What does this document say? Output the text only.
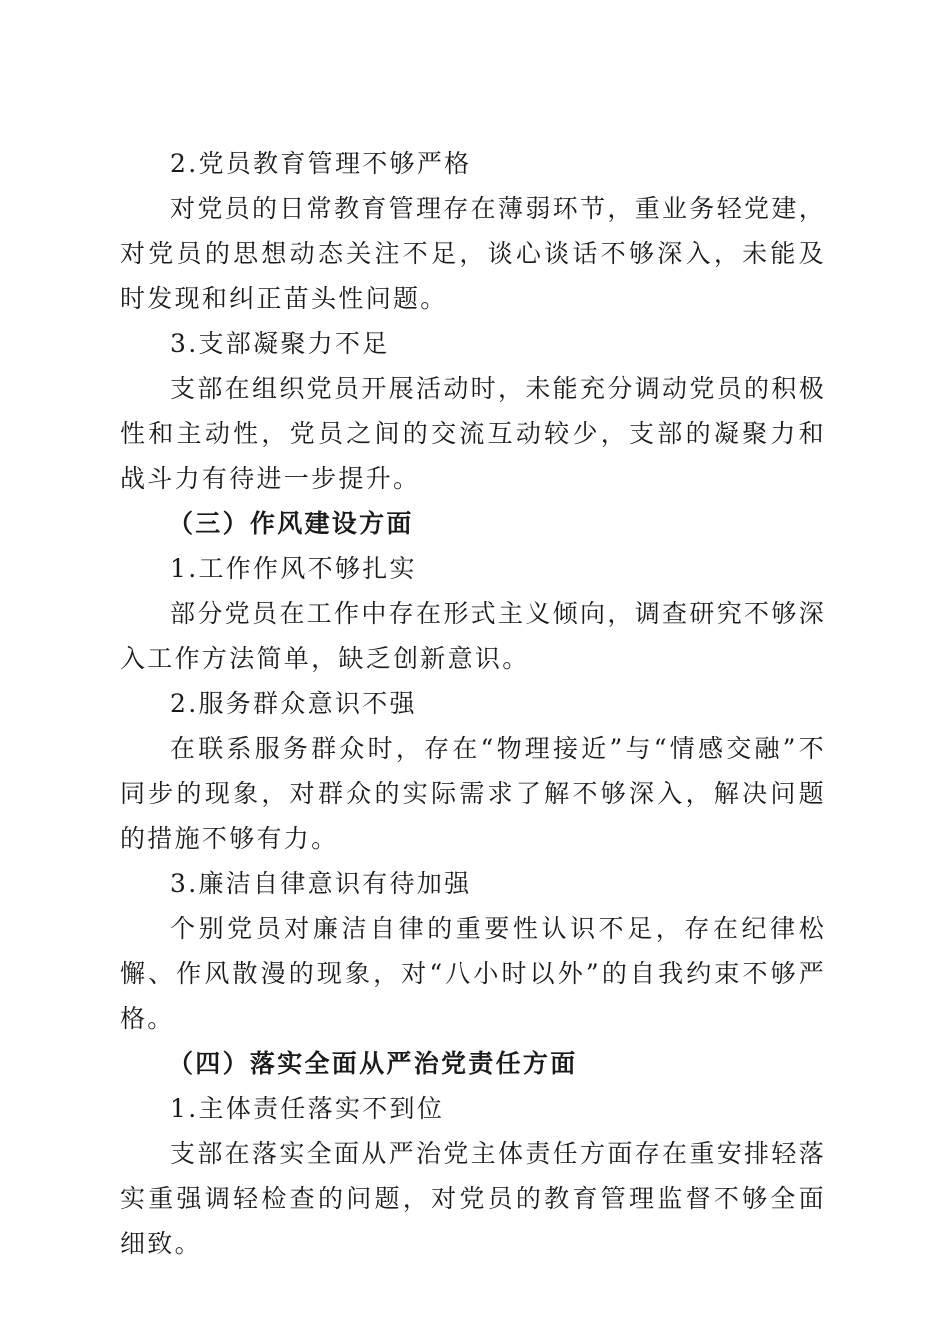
2.党员教育管理不够严格

对党员的日常教育管理存在薄弱环节，重业务轻党建，对党员的思想动态关注不足，谈心谈话不够深入，未能及时发现和纠正苗头性问题。

3.支部凝聚力不足

支部在组织党员开展活动时，未能充分调动党员的积极性和主动性，党员之间的交流互动较少，支部的凝聚力和战斗力有待进一步提升。

（三）作风建设方面

1.工作作风不够扎实

部分党员在工作中存在形式主义倾向，调查研究不够深入工作方法简单，缺乏创新意识。

2.服务群众意识不强

在联系服务群众时，存在“物理接近”与“情感交融”不同步的现象，对群众的实际需求了解不够深入，解决问题的措施不够有力。

3.廉洁自律意识有待加强

个别党员对廉洁自律的重要性认识不足，存在纪律松懈、作风散漫的现象，对“八小时以外”的自我约束不够严格。

（四）落实全面从严治党责任方面

1.主体责任落实不到位

支部在落实全面从严治党主体责任方面存在重安排轻落实重强调轻检查的问题，对党员的教育管理监督不够全面细致。
